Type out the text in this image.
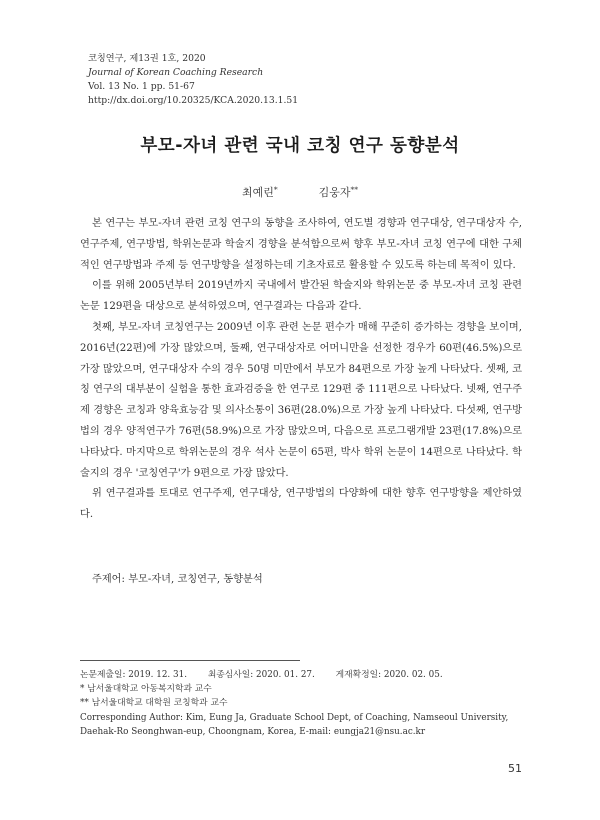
코칭연구, 제13권 1호, 2020
Journal of Korean Coaching Research
Vol. 13 No. 1 pp. 51-67
http://dx.doi.org/10.20325/KCA.2020.13.1.51
부모-자녀 관련 국내 코칭 연구 동향분석
최예린*	김웅자**

본 연구는 부모-자녀 관련 코칭 연구의 동향을 조사하여, 연도별 경향과 연구대상, 연구대상자 수, 연구주제, 연구방법, 학위논문과 학술지 경향을 분석함으로써 향후 부모-자녀 코칭 연구에 대한 구체적인 연구방법과 주제 등 연구방향을 설정하는데 기초자료로 활용할 수 있도록 하는데 목적이 있다.

이를 위해 2005년부터 2019년까지 국내에서 발간된 학술지와 학위논문 중 부모-자녀 코칭 관련 논문 129편을 대상으로 분석하였으며, 연구결과는 다음과 같다.

첫째, 부모-자녀 코칭연구는 2009년 이후 관련 논문 편수가 매해 꾸준히 증가하는 경향을 보이며, 2016년(22편)에 가장 많았으며, 둘째, 연구대상자로 어머니만을 선정한 경우가 60편(46.5%)으로 가장 많았으며, 연구대상자 수의 경우 50명 미만에서 부모가 84편으로 가장 높게 나타났다. 셋째, 코칭 연구의 대부분이 실험을 통한 효과검증을 한 연구로 129편 중 111편으로 나타났다. 넷째, 연구주제 경향은 코칭과 양육효능감 및 의사소통이 36편(28.0%)으로 가장 높게 나타났다. 다섯째, 연구방법의 경우 양적연구가 76편(58.9%)으로 가장 많았으며, 다음으로 프로그램개발 23편(17.8%)으로 나타났다. 마지막으로 학위논문의 경우 석사 논문이 65편, 박사 학위 논문이 14편으로 나타났다. 학술지의 경우 '코칭연구'가 9편으로 가장 많았다.

위 연구결과를 토대로 연구주제, 연구대상, 연구방법의 다양화에 대한 향후 연구방향을 제안하였다.

주제어: 부모-자녀, 코칭연구, 동향분석
논문제출일: 2019. 12. 31. 최종심사일: 2020. 01. 27. 게재확정일: 2020. 02. 05.
* 남서울대학교 아동복지학과 교수
** 남서울대학교 대학원 코칭학과 교수
Corresponding Author: Kim, Eung Ja, Graduate School Dept, of Coaching, Namseoul University, Daehak-Ro Seonghwan-eup, Choongnam, Korea, E-mail: eungja21@nsu.ac.kr
51
